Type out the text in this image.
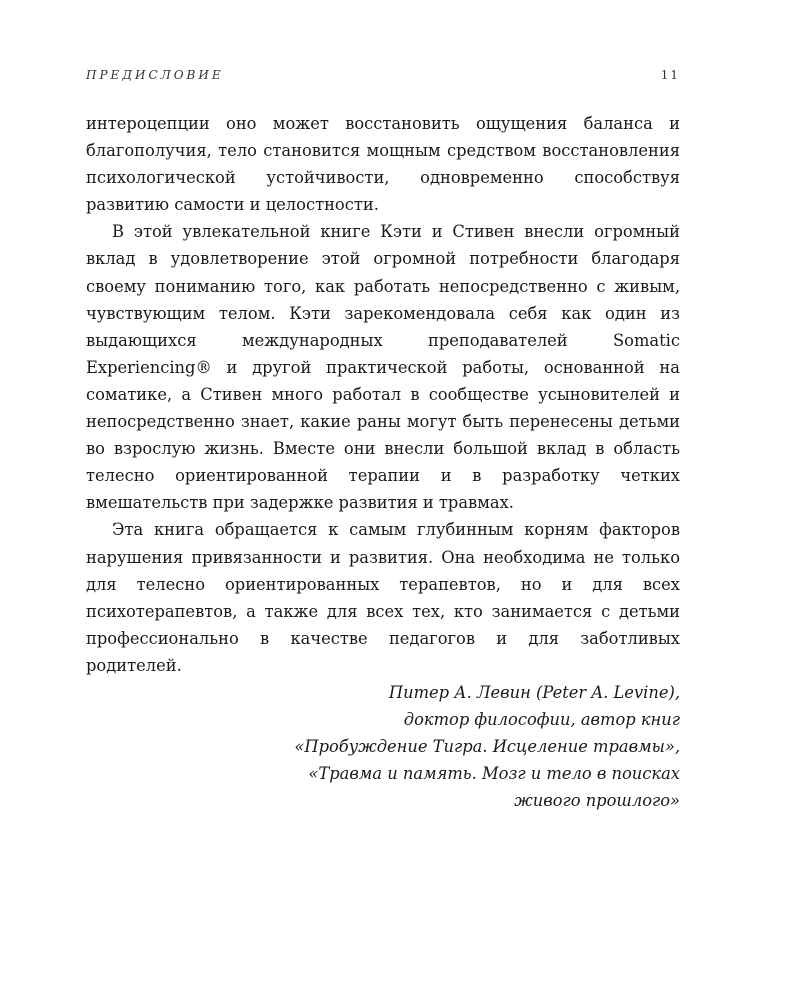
ПРЕДИСЛОВИЕ	11

интероцепции оно может восстановить ощущения баланса и благополучия, тело становится мощным средством восстановления психологической устойчивости, одновременно способствуя развитию самости и целостности.

В этой увлекательной книге Кэти и Стивен внесли огромный вклад в удовлетворение этой огромной потребности благодаря своему пониманию того, как работать непосредственно с живым, чувствующим телом. Кэти зарекомендовала себя как один из выдающихся международных преподавателей Somatic Experiencing® и другой практической работы, основанной на соматике, а Стивен много работал в сообществе усыновителей и непосредственно знает, какие раны могут быть перенесены детьми во взрослую жизнь. Вместе они внесли большой вклад в область телесно ориентированной терапии и в разработку четких вмешательств при задержке развития и травмах.

Эта книга обращается к самым глубинным корням факторов нарушения привязанности и развития. Она необходима не только для телесно ориентированных терапевтов, но и для всех психотерапевтов, а также для всех тех, кто занимается с детьми профессионально в качестве педагогов и для заботливых родителей.

Питер А. Левин (Peter A. Levine),
доктор философии, автор книг
«Пробуждение Тигра. Исцеление травмы»,
«Травма и память. Мозг и тело в поисках
живого прошлого»
